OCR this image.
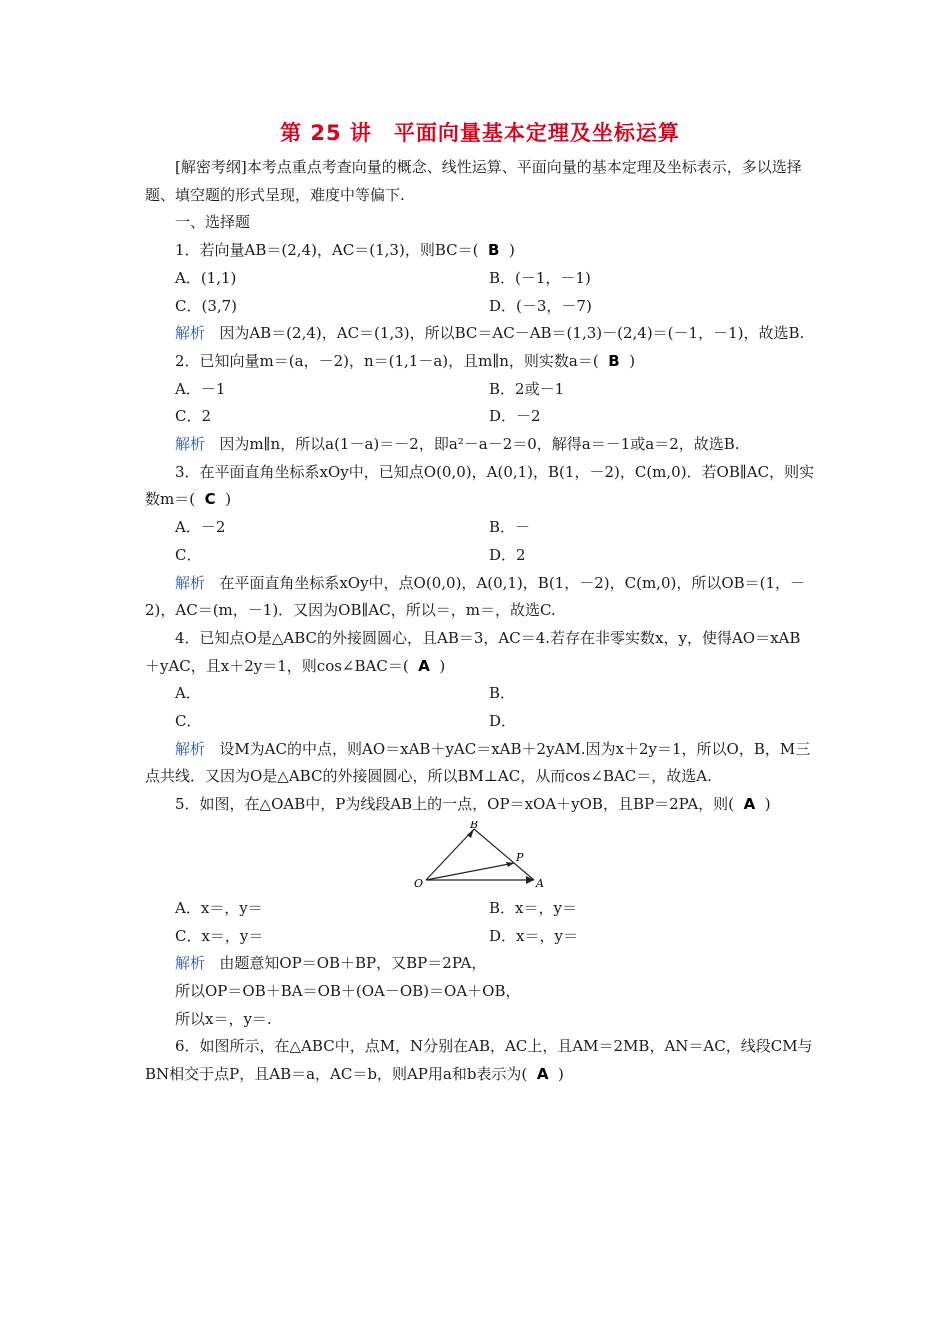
第 25 讲　平面向量基本定理及坐标运算

[解密考纲]本考点重点考查向量的概念、线性运算、平面向量的基本定理及坐标表示，多以选择题、填空题的形式呈现，难度中等偏下.

一、选择题

1．若向量AB＝(2,4)，AC＝(1,3)，则BC＝( B )

A．(1,1)	B．(－1，－1)
C．(3,7)	D．(－3，－7)

解析 因为AB＝(2,4)，AC＝(1,3)，所以BC＝AC－AB＝(1,3)－(2,4)＝(－1，－1)，故选B.

2．已知向量m＝(a，－2)，n＝(1,1－a)，且m∥n，则实数a＝( B )

A．－1	B．2或－1
C．2	D．－2

解析 因为m∥n，所以a(1－a)＝－2，即a²－a－2＝0，解得a＝－1或a＝2，故选B.

3．在平面直角坐标系xOy中，已知点O(0,0)，A(0,1)，B(1，－2)，C(m,0)．若OB∥AC，则实数m＝( C )

A．－2	B．－
C．	D．2

解析 在平面直角坐标系xOy中，点O(0,0)，A(0,1)，B(1，－2)，C(m,0)，所以OB＝(1，－2)，AC＝(m，－1)．又因为OB∥AC，所以＝，m＝，故选C.

4．已知点O是△ABC的外接圆圆心，且AB＝3，AC＝4.若存在非零实数x，y，使得AO＝xAB＋yAC，且x＋2y＝1，则cos∠BAC＝( A )

A．	B．
C．	D．

解析 设M为AC的中点，则AO＝xAB＋yAC＝xAB＋2yAM.因为x＋2y＝1，所以O，B，M三点共线．又因为O是△ABC的外接圆圆心，所以BM⊥AC，从而cos∠BAC＝，故选A.

5．如图，在△OAB中，P为线段AB上的一点，OP＝xOA＋yOB，且BP＝2PA，则( A )

B
P
O	A
A．x＝，y＝	B．x＝，y＝
C．x＝，y＝	D．x＝，y＝

解析 由题意知OP＝OB＋BP，又BP＝2PA，

所以OP＝OB＋BA＝OB＋(OA－OB)＝OA＋OB，

所以x＝，y＝.

6．如图所示，在△ABC中，点M，N分别在AB，AC上，且AM＝2MB，AN＝AC，线段CM与BN相交于点P，且AB＝a，AC＝b，则AP用a和b表示为( A )
